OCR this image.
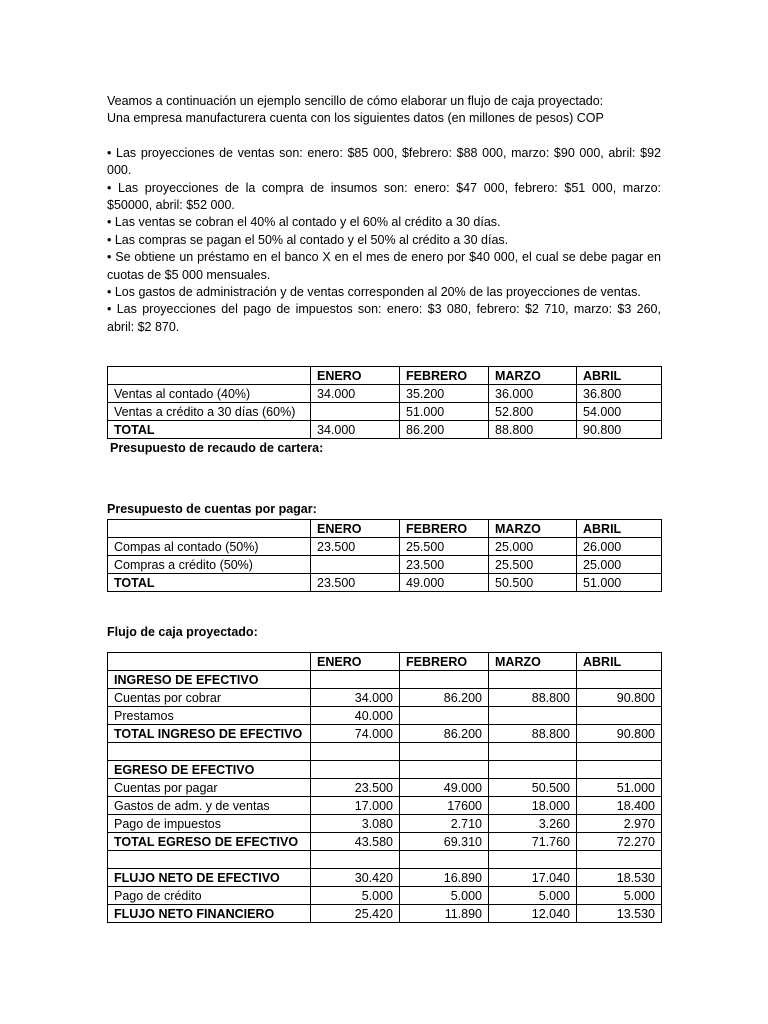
Veamos a continuación un ejemplo sencillo de cómo elaborar un flujo de caja proyectado:

Una empresa manufacturera cuenta con los siguientes datos (en millones de pesos) COP

• Las proyecciones de ventas son: enero: $85 000, $febrero: $88 000, marzo: $90 000, abril: $92 000.

• Las proyecciones de la compra de insumos son: enero: $47 000, febrero: $51 000, marzo: $50000, abril: $52 000.

• Las ventas se cobran el 40% al contado y el 60% al crédito a 30 días.

• Las compras se pagan el 50% al contado y el 50% al crédito a 30 días.

• Se obtiene un préstamo en el banco X en el mes de enero por $40 000, el cual se debe pagar en cuotas de $5 000 mensuales.

• Los gastos de administración y de ventas corresponden al 20% de las proyecciones de ventas.

• Las proyecciones del pago de impuestos son: enero: $3 080, febrero: $2 710, marzo: $3 260, abril: $2 870.

	ENERO	FEBRERO	MARZO	ABRIL
Ventas al contado (40%)	34.000	35.200	36.000	36.800
Ventas a crédito a 30 días (60%)		51.000	52.800	54.000
TOTAL	34.000	86.200	88.800	90.800
Presupuesto de recaudo de cartera:
Presupuesto de cuentas por pagar:
	ENERO	FEBRERO	MARZO	ABRIL
Compas al contado (50%)	23.500	25.500	25.000	26.000
Compras a crédito (50%)		23.500	25.500	25.000
TOTAL	23.500	49.000	50.500	51.000
Flujo de caja proyectado:
	ENERO	FEBRERO	MARZO	ABRIL
INGRESO DE EFECTIVO				
Cuentas por cobrar	34.000	86.200	88.800	90.800
Prestamos	40.000			
TOTAL INGRESO DE EFECTIVO	74.000	86.200	88.800	90.800

EGRESO DE EFECTIVO				
Cuentas por pagar	23.500	49.000	50.500	51.000
Gastos de adm. y de ventas	17.000	17600	18.000	18.400
Pago de impuestos	3.080	2.710	3.260	2.970
TOTAL EGRESO DE EFECTIVO	43.580	69.310	71.760	72.270

FLUJO NETO DE EFECTIVO	30.420	16.890	17.040	18.530
Pago de crédito	5.000	5.000	5.000	5.000
FLUJO NETO FINANCIERO	25.420	11.890	12.040	13.530
